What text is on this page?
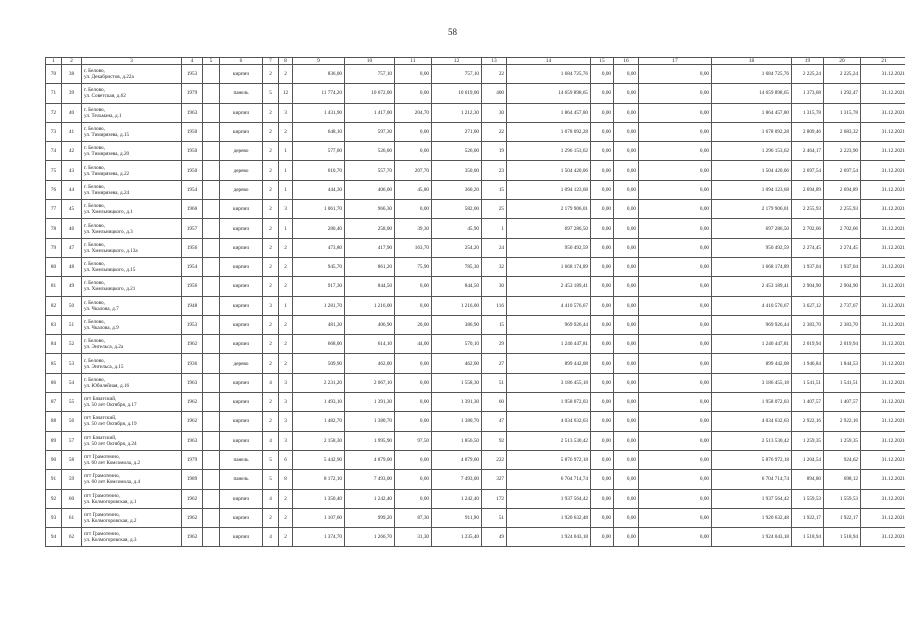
58
1	2	3	4	5	6	7	8	9	10	11	12	13	14	15	16	17	18	19	20	21
70	38	г. Белово,
ул. Декабристов, д.22а	1953		кирпич	2	2	836,00	757,10	0,00	757,10	22	1 684 725,76	0,00	0,00	0,00	1 684 725,76	2 225,24	2 225,24	31.12.2021
71	39	г. Белово,
ул. Советская, д.62	1979		панель	5	12	11 774,20	10 672,00	0,00	10 619,00	400	14 659 898,65	0,00	0,00	0,00	14 659 898,65	1 373,68	1 292,47	31.12.2021
72	40	г. Белово,
ул. Тельмана, д.1	1963		кирпич	2	3	1 431,90	1 417,00	204,70	1 212,30	30	1 864 457,80	0,00	0,00	0,00	1 864 457,80	1 315,78	1 315,78	31.12.2021
73	41	г. Белово,
ул. Тимирязева, д.15	1950		кирпич	2	2	648,10	597,30	0,00	271,00	22	1 678 092,28	0,00	0,00	0,00	1 678 092,28	2 809,46	2 683,32	31.12.2021
74	42	г. Белово,
ул. Тимирязева, д.20	1950		дерево	2	1	577,00	526,00	0,00	526,00	19	1 296 153,62	0,00	0,00	0,00	1 296 153,62	2 464,17	2 223,90	31.12.2021
75	43	г. Белово,
ул. Тимирязева, д.22	1950		дерево	2	1	610,70	557,70	207,70	350,00	23	1 504 420,06	0,00	0,00	0,00	1 504 420,06	2 697,54	2 697,54	31.12.2021
76	44	г. Белово,
ул. Тимирязева, д.24	1954		дерево	2	1	444,30	406,00	45,80	360,20	15	1 094 123,68	0,00	0,00	0,00	1 094 123,68	2 694,89	2 694,89	31.12.2021
77	45	г. Белово,
ул. Хмельницкого, д.1	1960		кирпич	2	3	1 061,70	966,30	0,00	582,00	25	2 179 906,01	0,00	0,00	0,00	2 179 906,01	2 255,93	2 255,93	31.12.2021
78	46	г. Белово,
ул. Хмельницкого, д.3	1957		кирпич	2	1	280,40	258,00	39,30	45,90	1	697 286,50	0,00	0,00	0,00	697 286,50	2 702,66	2 702,66	31.12.2021
79	47	г. Белово,
ул. Хмельницкого, д.13а	1956		кирпич	2	2	473,80	417,90	163,70	254,20	24	950 492,59	0,00	0,00	0,00	950 492,59	2 274,45	2 274,45	31.12.2021
80	48	г. Белово,
ул. Хмельницкого, д.15	1954		кирпич	2	2	945,70	861,20	75,90	785,30	32	1 668 174,89	0,00	0,00	0,00	1 668 174,89	1 937,04	1 937,04	31.12.2021
81	49	г. Белово,
ул. Хмельницкого, д.21	1956		кирпич	2	2	917,30	844,50	0,00	844,50	30	2 453 189,41	0,00	0,00	0,00	2 453 189,41	2 904,90	2 904,90	31.12.2021
82	50	г. Белово,
ул. Чкалова, д.7	1948		кирпич	3	1	1 281,70	1 216,00	0,00	1 216,00	116	4 410 576,67	0,00	0,00	0,00	4 410 576,67	3 627,12	2 737,67	31.12.2021
83	51	г. Белово,
ул. Чкалова, д.9	1953		кирпич	2	2	481,30	406,90	20,00	386,90	15	969 926,44	0,00	0,00	0,00	969 926,44	2 383,70	2 383,70	31.12.2021
84	52	г. Белово,
ул. Энгельса, д.2а	1962		кирпич	2	2	668,00	614,10	44,00	570,10	29	1 240 447,81	0,00	0,00	0,00	1 240 447,81	2 019,94	2 019,94	31.12.2021
85	53	г. Белово,
ул. Энгельса, д.15	1936		дерево	2	2	509,90	462,00	0,00	462,00	27	899 442,08	0,00	0,00	0,00	899 442,08	1 946,84	1 844,53	31.12.2021
86	54	г. Белово,
ул. Юбилейная, д.16	1963		кирпич	4	3	2 231,20	2 067,10	0,00	1 558,30	51	3 186 455,18	0,00	0,00	0,00	3 186 455,18	1 541,51	1 541,51	31.12.2021
87	55	пгт Бачатский,
ул. 50 лет Октября, д.17	1962		кирпич	2	3	1 493,10	1 391,30	0,00	1 391,30	60	1 958 072,03	0,00	0,00	0,00	1 958 072,03	1 407,57	1 407,57	31.12.2021
88	56	пгт Бачатский,
ул. 50 лет Октября, д.19	1962		кирпич	2	3	1 482,70	1 380,70	0,00	1 380,70	47	4 034 632,63	0,00	0,00	0,00	4 034 632,63	2 922,16	2 922,16	31.12.2021
89	57	пгт Бачатский,
ул. 50 лет Октября, д.24	1963		кирпич	4	3	2 158,30	1 995,90	97,50	1 856,50	92	2 513 530,42	0,00	0,00	0,00	2 513 530,42	1 259,35	1 259,35	31.12.2021
90	58	пгт Грамотеино,
ул. 60 лет Комсомола, д.2	1979		панель	5	6	5 442,90	4 879,00	0,00	4 879,00	222	5 876 972,18	0,00	0,00	0,00	5 876 972,18	1 204,54	924,62	31.12.2021
91	59	пгт Грамотеино,
ул. 60 лет Комсомола, д.4	1989		панель	5	8	8 172,10	7 493,00	0,00	7 493,00	327	6 704 714,74	0,00	0,00	0,00	6 704 714,74	894,80	698,12	31.12.2021
92	60	пгт Грамотеино,
ул. Колмогоровская, д.1	1962		кирпич	4	2	1 350,40	1 242,40	0,00	1 242,40	172	1 937 564,42	0,00	0,00	0,00	1 937 564,42	1 559,53	1 559,53	31.12.2021
93	61	пгт Грамотеино,
ул. Колмогоровская, д.2	1962		кирпич	2	2	1 107,60	999,20	87,30	911,90	51	1 920 632,48	0,00	0,00	0,00	1 920 632,48	1 922,17	1 922,17	31.12.2021
94	62	пгт Грамотеино,
ул. Колмогоровская, д.3	1962		кирпич	4	2	1 374,70	1 266,70	31,30	1 235,40	49	1 924 043,18	0,00	0,00	0,00	1 924 043,18	1 518,94	1 518,94	31.12.2021
